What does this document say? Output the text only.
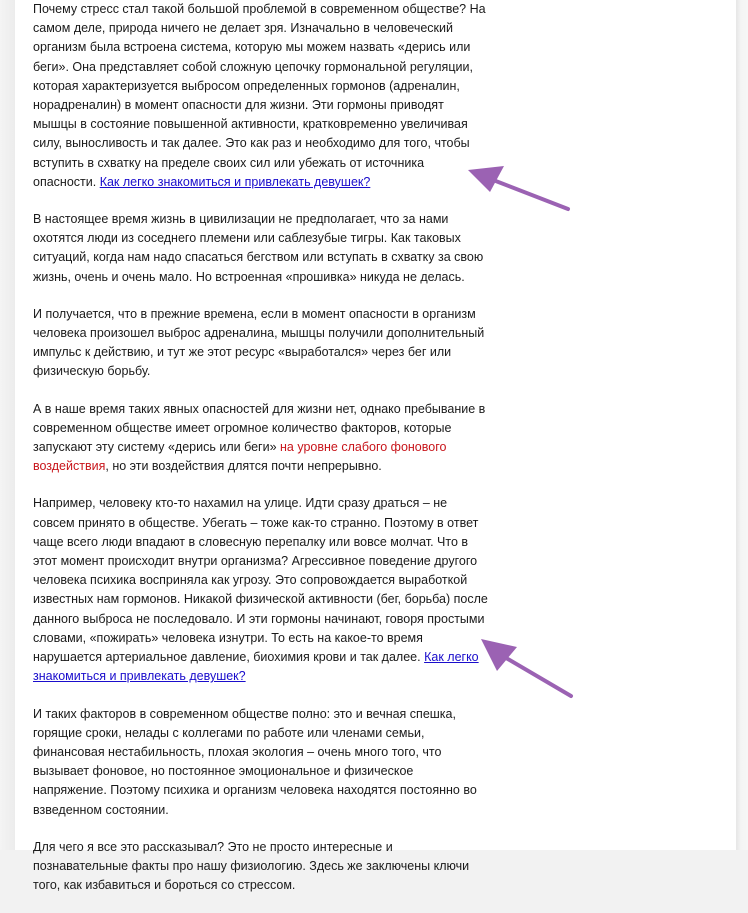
Почему стресс стал такой большой проблемой в современном обществе? На самом деле, природа ничего не делает зря. Изначально в человеческий организм была встроена система, которую мы можем назвать «дерись или беги». Она представляет собой сложную цепочку гормональной регуляции, которая характеризуется выбросом определенных гормонов (адреналин, норадреналин) в момент опасности для жизни. Эти гормоны приводят мышцы в состояние повышенной активности, кратковременно увеличивая силу, выносливость и так далее. Это как раз и необходимо для того, чтобы вступить в схватку на пределе своих сил или убежать от источника опасности. Как легко знакомиться и привлекать девушек?

В настоящее время жизнь в цивилизации не предполагает, что за нами охотятся люди из соседнего племени или саблезубые тигры. Как таковых ситуаций, когда нам надо спасаться бегством или вступать в схватку за свою жизнь, очень и очень мало. Но встроенная «прошивка» никуда не делась.

И получается, что в прежние времена, если в момент опасности в организм человека произошел выброс адреналина, мышцы получили дополнительный импульс к действию, и тут же этот ресурс «выработался» через бег или физическую борьбу.

А в наше время таких явных опасностей для жизни нет, однако пребывание в современном обществе имеет огромное количество факторов, которые запускают эту систему «дерись или беги» на уровне слабого фонового воздействия, но эти воздействия длятся почти непрерывно.

Например, человеку кто-то нахамил на улице. Идти сразу драться – не совсем принято в обществе. Убегать – тоже как-то странно. Поэтому в ответ чаще всего люди впадают в словесную перепалку или вовсе молчат. Что в этот момент происходит внутри организма? Агрессивное поведение другого человека психика восприняла как угрозу. Это сопровождается выработкой известных нам гормонов. Никакой физической активности (бег, борьба) после данного выброса не последовало. И эти гормоны начинают, говоря простыми словами, «пожирать» человека изнутри. То есть на какое-то время нарушается артериальное давление, биохимия крови и так далее. Как легко знакомиться и привлекать девушек?

И таких факторов в современном обществе полно: это и вечная спешка, горящие сроки, нелады с коллегами по работе или членами семьи, финансовая нестабильность, плохая экология – очень много того, что вызывает фоновое, но постоянное эмоциональное и физическое напряжение. Поэтому психика и организм человека находятся постоянно во взведенном состоянии.

Для чего я все это рассказывал? Это не просто интересные и познавательные факты про нашу физиологию. Здесь же заключены ключи того, как избавиться и бороться со стрессом.
